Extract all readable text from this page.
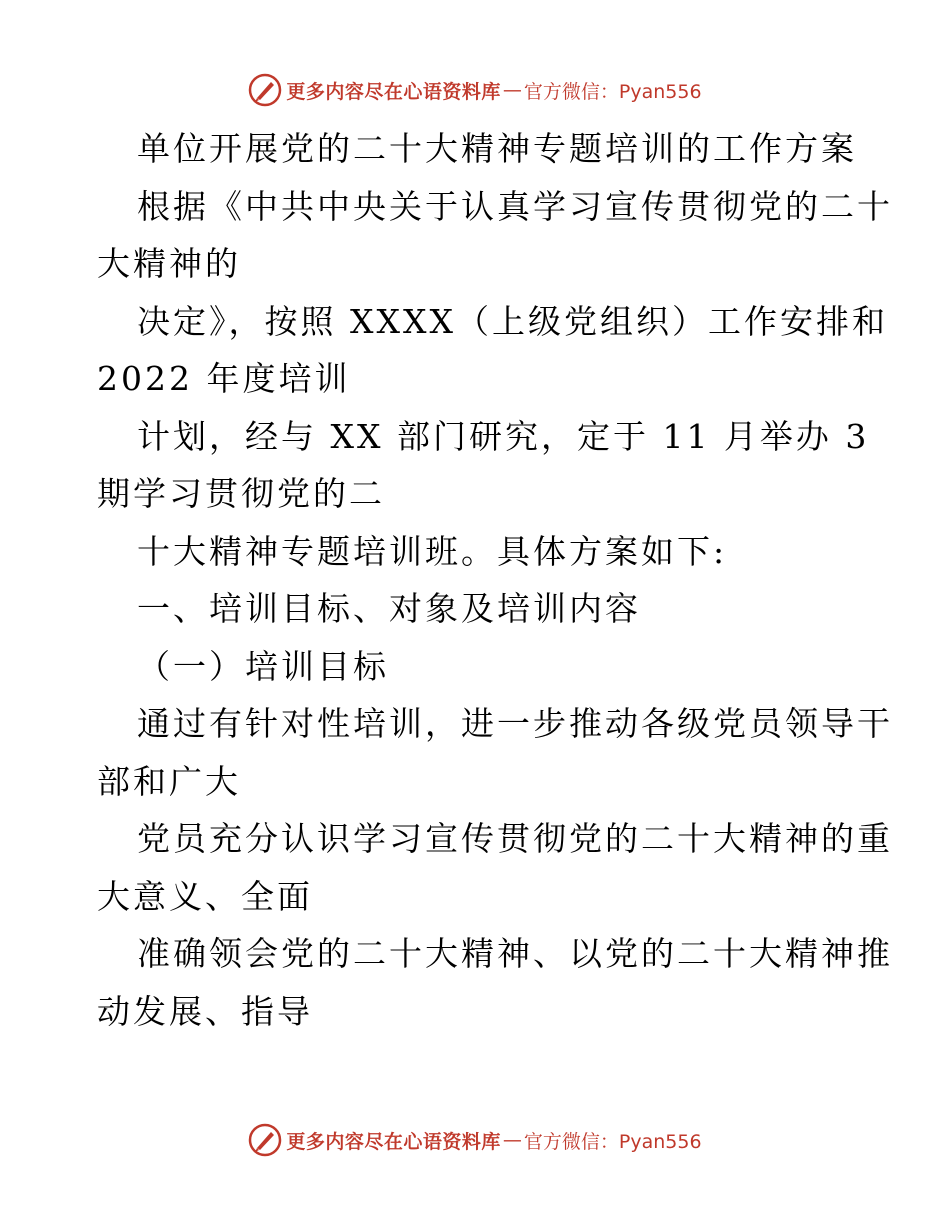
更多内容尽在心语资料库 — 官方微信：Pyan556
单位开展党的二十大精神专题培训的工作方案
根据《中共中央关于认真学习宣传贯彻党的二十
大精神的
决定》，按照 XXXX（上级党组织）工作安排和
2022 年度培训
计划，经与 XX 部门研究，定于 11 月举办 3
期学习贯彻党的二
十大精神专题培训班。具体方案如下:
一、培训目标、对象及培训内容
（一）培训目标
通过有针对性培训，进一步推动各级党员领导干
部和广大
党员充分认识学习宣传贯彻党的二十大精神的重
大意义、全面
准确领会党的二十大精神、以党的二十大精神推
动发展、指导
更多内容尽在心语资料库 — 官方微信：Pyan556
